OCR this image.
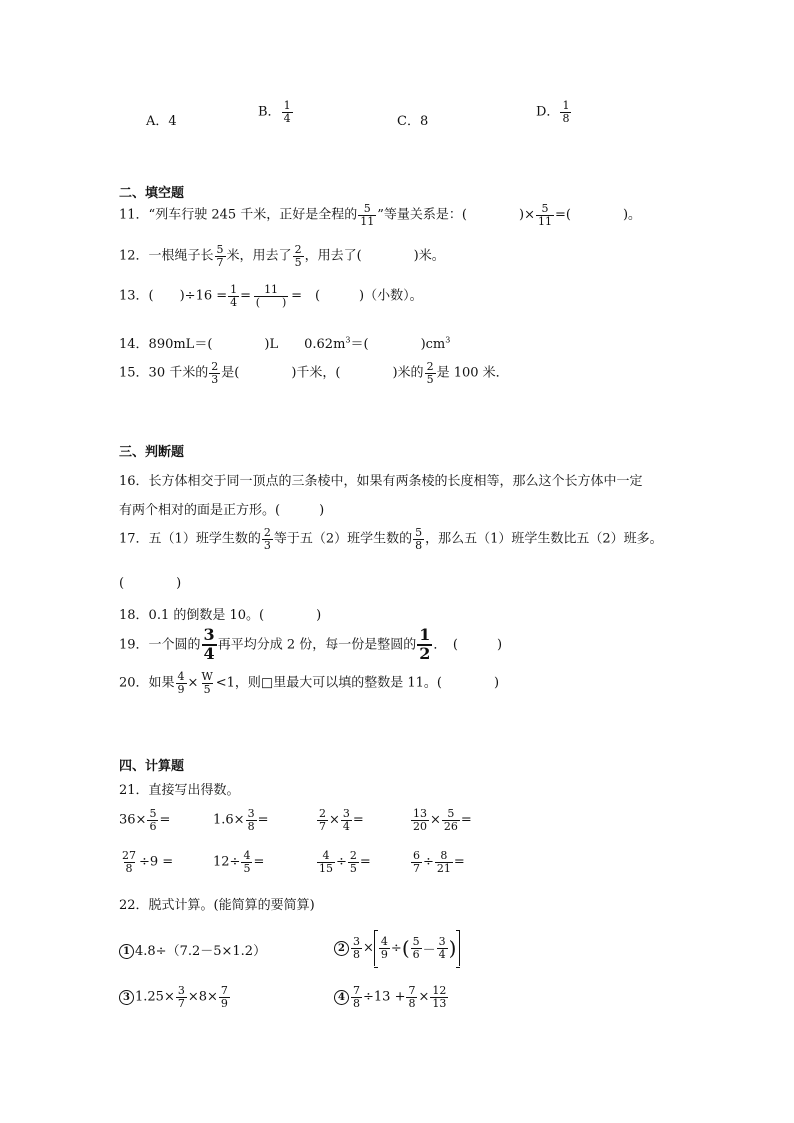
A．4
B． $\frac{1}{4}$	C．8
D． $\frac{1}{8}$
二、填空题
11．“列车行驶 245 千米，正好是全程的 $\frac{5}{11}$ ”等量关系是：(　　　　	)× $\frac{5}{11}$ =(　　　　	)。
12．一根绳子长 $\frac{5}{7}$ 米，用去了 $\frac{2}{5}$ ，用去了(　　　　	)米。
13．(　　)$\div 16 = \frac{1}{4} = \frac{11}{( )}$ =　(　　　)（小数）。
14．890mL＝(　　　　	)L　　$0.62m^3=$(　　　　	)$cm^3$
15．30 千米的 $\frac{2}{3}$ 是(　　　　	)千米，(　　　　	)米的 $\frac{2}{5}$ 是 100 米．
三、判断题
16．长方体相交于同一顶点的三条棱中，如果有两条棱的长度相等，那么这个长方体中一定
有两个相对的面是正方形。(　　　)
17．五（1）班学生数的 $\frac{2}{3}$ 等于五（2）班学生数的 $\frac{5}{8}$ ，那么五（1）班学生数比五（2）班多。
(　　　　)
18．0.1 的倒数是 10。(　　　　)
19．一个圆的 $\frac{3}{4}$ 再平均分成 2 份，每一份是整圆的 $\frac{1}{2}$ ．　(　　　)
20．如果 $\frac{4}{9} \times \frac{W}{5} <1$，则□里最大可以填的整数是 11。(　　　　)
四、计算题
21．直接写出得数。
22．脱式计算。(能简算的要简算)
1 4.8÷（7.2－5×1.2）	$2 \frac{3}{8} \times \frac{4}{9}$ ÷ ( $\frac{5}{6} - \frac{3}{4}$ )
3 $1.25\times \frac{3}{7} \times 8\times \frac{7}{9}$	$4 \frac{7}{8} \div 13 + \frac{7}{8} \times \frac{12}{13}$
$36\times \frac{5}{6}$ =	$1.6\times \frac{3}{8}$ =	$\frac{2}{7} \times \frac{3}{4}$ =	$\frac{13}{20} \times \frac{5}{26}$ =
$\frac{27}{8} \div 9$ =	$12\div \frac{4}{5}$ =	$\frac{4}{15} \div \frac{2}{5}$ =	$\frac{6}{7} \div \frac{8}{21}$ =
